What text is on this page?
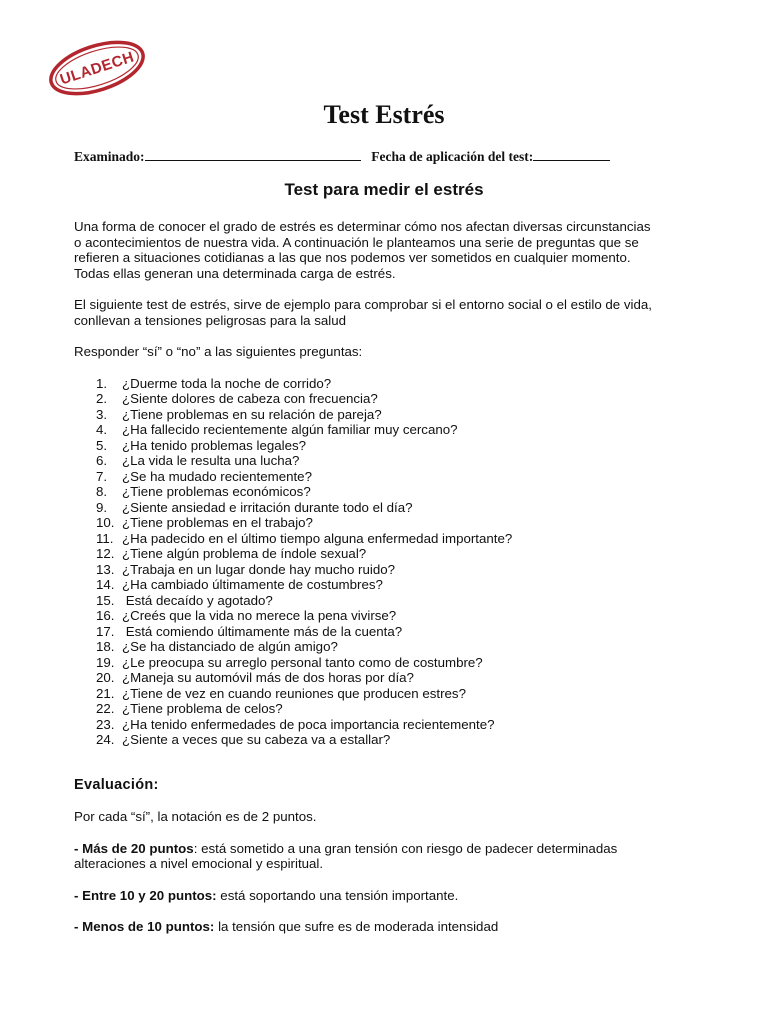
ULADECH
Test Estrés
Examinado:	Fecha de aplicación del test:
Test para medir el estrés

Una forma de conocer el grado de estrés es determinar cómo nos afectan diversas circunstancias
o acontecimientos de nuestra vida. A continuación le planteamos una serie de preguntas que se
refieren a situaciones cotidianas a las que nos podemos ver sometidos en cualquier momento.
Todas ellas generan una determinada carga de estrés.

El siguiente test de estrés, sirve de ejemplo para comprobar si el entorno social o el estilo de vida,
conllevan a tensiones peligrosas para la salud

Responder “sí” o “no” a las siguientes preguntas:

1. ¿Duerme toda la noche de corrido?
2. ¿Siente dolores de cabeza con frecuencia?
3. ¿Tiene problemas en su relación de pareja?
4. ¿Ha fallecido recientemente algún familiar muy cercano?
5. ¿Ha tenido problemas legales?
6. ¿La vida le resulta una lucha?
7. ¿Se ha mudado recientemente?
8. ¿Tiene problemas económicos?
9. ¿Siente ansiedad e irritación durante todo el día?
10. ¿Tiene problemas en el trabajo?
11. ¿Ha padecido en el último tiempo alguna enfermedad importante?
12. ¿Tiene algún problema de índole sexual?
13. ¿Trabaja en un lugar donde hay mucho ruido?
14. ¿Ha cambiado últimamente de costumbres?
15. Está decaído y agotado?
16. ¿Creés que la vida no merece la pena vivirse?
17. Está comiendo últimamente más de la cuenta?
18. ¿Se ha distanciado de algún amigo?
19. ¿Le preocupa su arreglo personal tanto como de costumbre?
20. ¿Maneja su automóvil más de dos horas por día?
21. ¿Tiene de vez en cuando reuniones que producen estres?
22. ¿Tiene problema de celos?
23. ¿Ha tenido enfermedades de poca importancia recientemente?
24. ¿Siente a veces que su cabeza va a estallar?
Evaluación:

Por cada “sí”, la notación es de 2 puntos.

- Más de 20 puntos: está sometido a una gran tensión con riesgo de padecer determinadas
alteraciones a nivel emocional y espiritual.

- Entre 10 y 20 puntos: está soportando una tensión importante.

- Menos de 10 puntos: la tensión que sufre es de moderada intensidad
